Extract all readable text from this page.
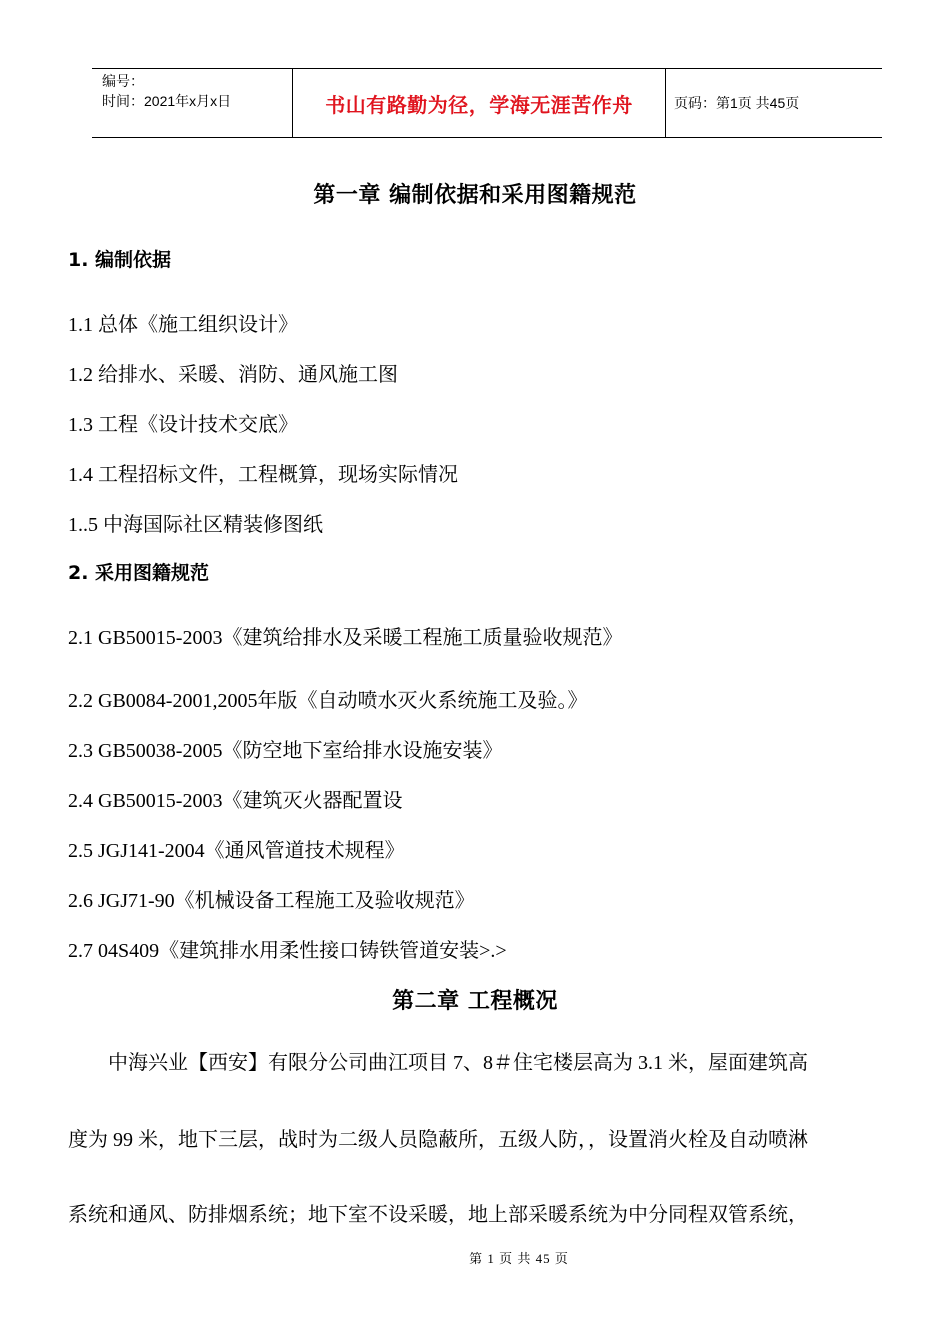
编号：
时间：2021年x月x日	书山有路勤为径，学海无涯苦作舟	页码：第1页 共45页
第一章 编制依据和采用图籍规范
1. 编制依据
1.1 总体《施工组织设计》
1.2 给排水、采暖、消防、通风施工图
1.3 工程《设计技术交底》
1.4 工程招标文件，工程概算，现场实际情况
1..5 中海国际社区精装修图纸
2. 采用图籍规范
2.1 GB50015-2003《建筑给排水及采暖工程施工质量验收规范》
2.2 GB0084-2001,2005年版《自动喷水灭火系统施工及验。》
2.3 GB50038-2005《防空地下室给排水设施安装》
2.4 GB50015-2003《建筑灭火器配置设
2.5 JGJ141-2004《通风管道技术规程》
2.6 JGJ71-90《机械设备工程施工及验收规范》
2.7 04S409《建筑排水用柔性接口铸铁管道安装>.>
第二章 工程概况
　　中海兴业【西安】有限分公司曲江项目 7、8＃住宅楼层高为 3.1 米，屋面建筑高
度为 99 米，地下三层，战时为二级人员隐蔽所，五级人防，，设置消火栓及自动喷淋
系统和通风、防排烟系统；地下室不设采暖，地上部采暖系统为中分同程双管系统，
第 1 页 共 45 页
